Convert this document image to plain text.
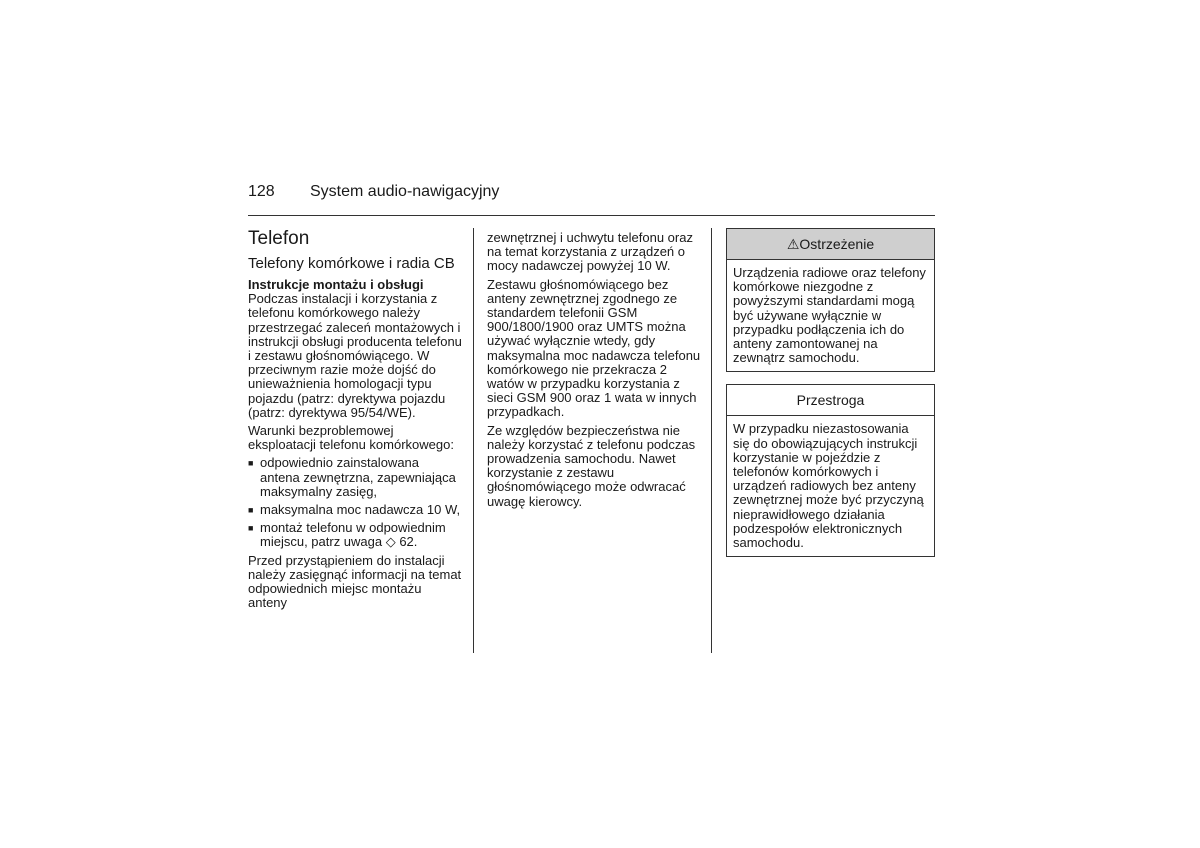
128 System audio-nawigacyjny
Telefon
Telefony komórkowe i radia CB
Instrukcje montażu i obsługi

Podczas instalacji i korzystania z telefonu komórkowego należy przestrzegać zaleceń montażowych i instrukcji obsługi producenta telefonu i zestawu głośnomówiącego. W przeciwnym razie może dojść do unieważnienia homologacji typu pojazdu (patrz: dyrektywa pojazdu (patrz: dyrektywa 95/54/WE).

Warunki bezproblemowej eksploatacji telefonu komórkowego:

■ odpowiednio zainstalowana antena zewnętrzna, zapewniająca maksymalny zasięg,
■ maksymalna moc nadawcza 10 W,
■ montaż telefonu w odpowiednim miejscu, patrz uwaga ◇ 62.

Przed przystąpieniem do instalacji należy zasięgnąć informacji na temat odpowiednich miejsc montażu anteny

zewnętrznej i uchwytu telefonu oraz na temat korzystania z urządzeń o mocy nadawczej powyżej 10 W.

Zestawu głośnomówiącego bez anteny zewnętrznej zgodnego ze standardem telefonii GSM 900/1800/1900 oraz UMTS można używać wyłącznie wtedy, gdy maksymalna moc nadawcza telefonu komórkowego nie przekracza 2 watów w przypadku korzystania z sieci GSM 900 oraz 1 wata w innych przypadkach.

Ze względów bezpieczeństwa nie należy korzystać z telefonu podczas prowadzenia samochodu. Nawet korzystanie z zestawu głośnomówiącego może odwracać uwagę kierowcy.

⚠Ostrzeżenie
Urządzenia radiowe oraz telefony komórkowe niezgodne z powyższymi standardami mogą być używane wyłącznie w przypadku podłączenia ich do anteny zamontowanej na zewnątrz samochodu.
Przestroga
W przypadku niezastosowania się do obowiązujących instrukcji korzystanie w pojeździe z telefonów komórkowych i urządzeń radiowych bez anteny zewnętrznej może być przyczyną nieprawidłowego działania podzespołów elektronicznych samochodu.
